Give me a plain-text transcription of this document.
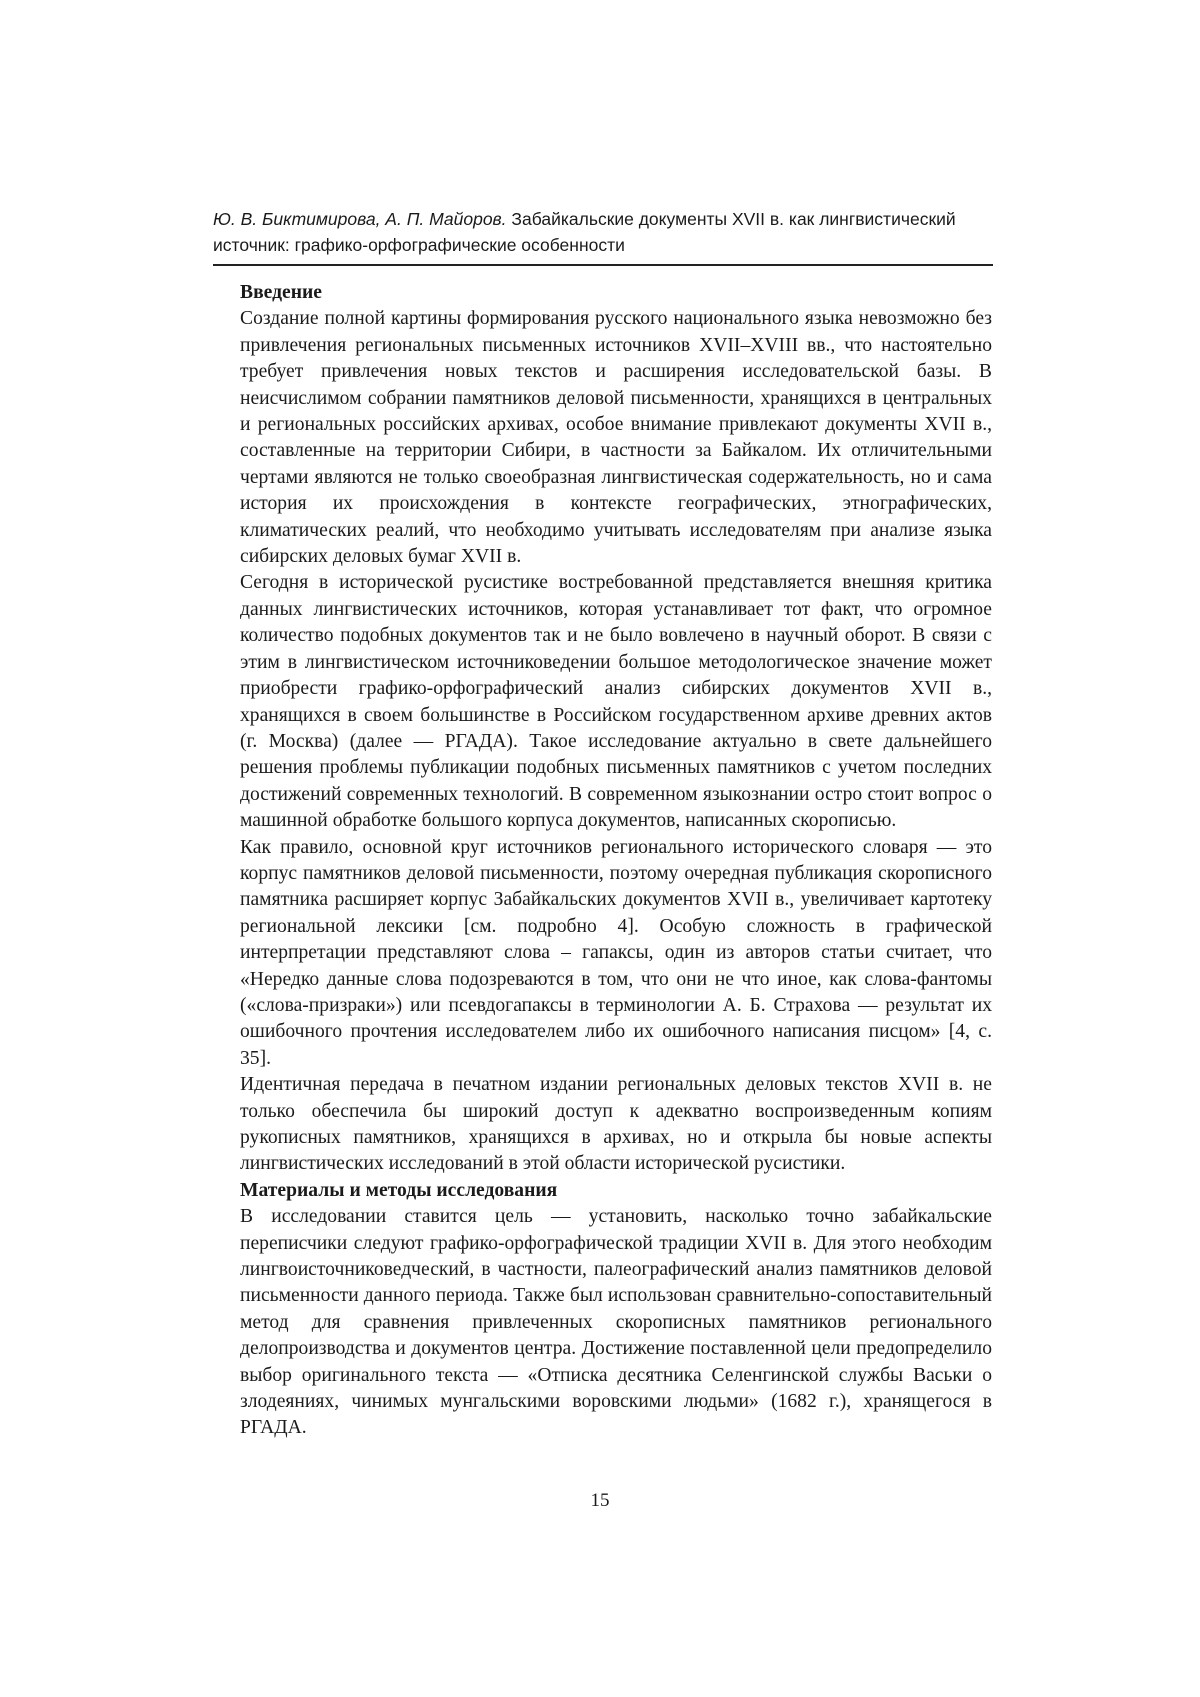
Ю. В. Биктимирова, А. П. Майоров. Забайкальские документы XVII в. как лингвистический источник: графико-орфографические особенности
Введение

Создание полной картины формирования русского национального языка невозможно без привлечения региональных письменных источников XVII–XVIII вв., что настоятельно требует привлечения новых текстов и расширения исследовательской базы. В неисчислимом собрании памятников деловой письменности, хранящихся в центральных и региональных российских архивах, особое внимание привлекают документы XVII в., составленные на территории Сибири, в частности за Байкалом. Их отличительными чертами являются не только своеобразная лингвистическая содержательность, но и сама история их происхождения в контексте географических, этнографических, климатических реалий, что необходимо учитывать исследователям при анализе языка сибирских деловых бумаг XVII в.

Сегодня в исторической русистике востребованной представляется внешняя критика данных лингвистических источников, которая устанавливает тот факт, что огромное количество подобных документов так и не было вовлечено в научный оборот. В связи с этим в лингвистическом источниковедении большое методологическое значение может приобрести графико-орфографический анализ сибирских документов XVII в., хранящихся в своем большинстве в Российском государственном архиве древних актов (г. Москва) (далее — РГАДА). Такое исследование актуально в свете дальнейшего решения проблемы публикации подобных письменных памятников с учетом последних достижений современных технологий. В современном языкознании остро стоит вопрос о машинной обработке большого корпуса документов, написанных скорописью.

Как правило, основной круг источников регионального исторического словаря — это корпус памятников деловой письменности, поэтому очередная публикация скорописного памятника расширяет корпус Забайкальских документов XVII в., увеличивает картотеку региональной лексики [см. подробно 4]. Особую сложность в графической интерпретации представляют слова – гапаксы, один из авторов статьи считает, что «Нередко данные слова подозреваются в том, что они не что иное, как слова-фантомы («слова-призраки») или псевдогапаксы в терминологии А. Б. Страхова — результат их ошибочного прочтения исследователем либо их ошибочного написания писцом» [4, с. 35].

Идентичная передача в печатном издании региональных деловых текстов XVII в. не только обеспечила бы широкий доступ к адекватно воспроизведенным копиям рукописных памятников, хранящихся в архивах, но и открыла бы новые аспекты лингвистических исследований в этой области исторической русистики.

Материалы и методы исследования

В исследовании ставится цель — установить, насколько точно забайкальские переписчики следуют графико-орфографической традиции XVII в. Для этого необходим лингвоисточниковедческий, в частности, палеографический анализ памятников деловой письменности данного периода. Также был использован сравнительно-сопоставительный метод для сравнения привлеченных скорописных памятников регионального делопроизводства и документов центра. Достижение поставленной цели предопределило выбор оригинального текста — «Отписка десятника Селенгинской службы Васьки о злодеяниях, чинимых мунгальскими воровскими людьми» (1682 г.), хранящегося в РГАДА.

15
